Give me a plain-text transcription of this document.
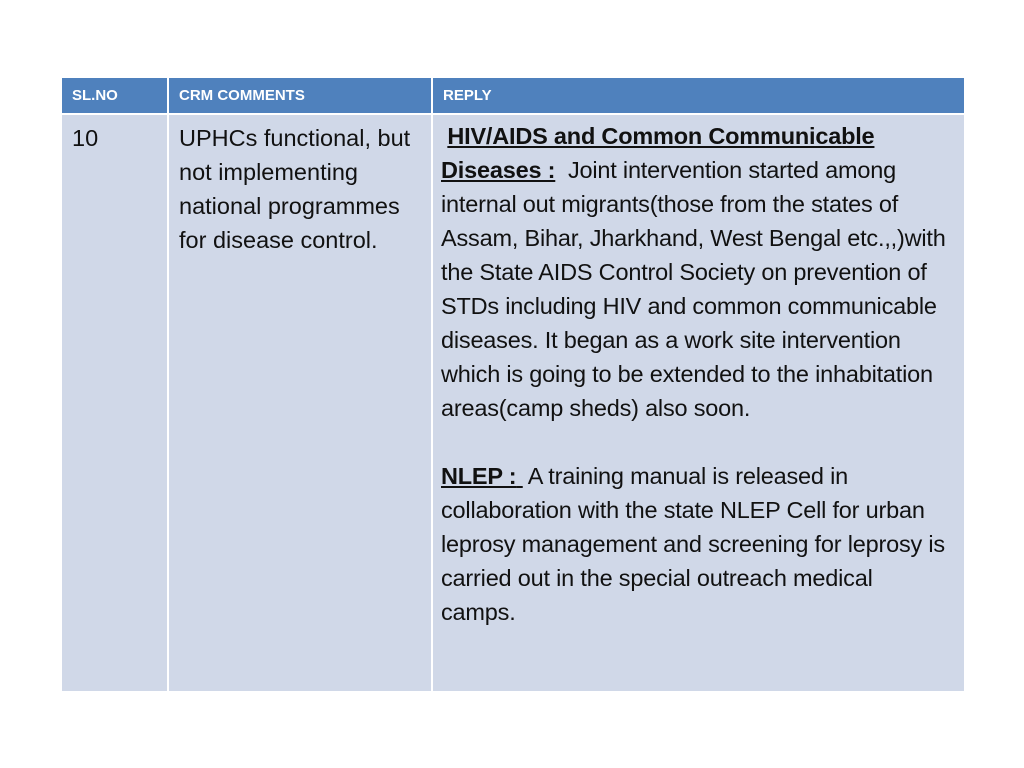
SL.NO	CRM COMMENTS	REPLY
10	UPHCs functional, but not implementing national programmes for disease control.	HIV/AIDS and Common Communicable
Diseases : Joint intervention started among internal out migrants(those from the states of Assam, Bihar, Jharkhand, West Bengal etc.,,)with the State AIDS Control Society on prevention of STDs including HIV and common communicable diseases. It began as a work site intervention which is going to be extended to the inhabitation areas(camp sheds) also soon.
NLEP : A training manual is released in collaboration with the state NLEP Cell for urban leprosy management and screening for leprosy is carried out in the special outreach medical camps.
